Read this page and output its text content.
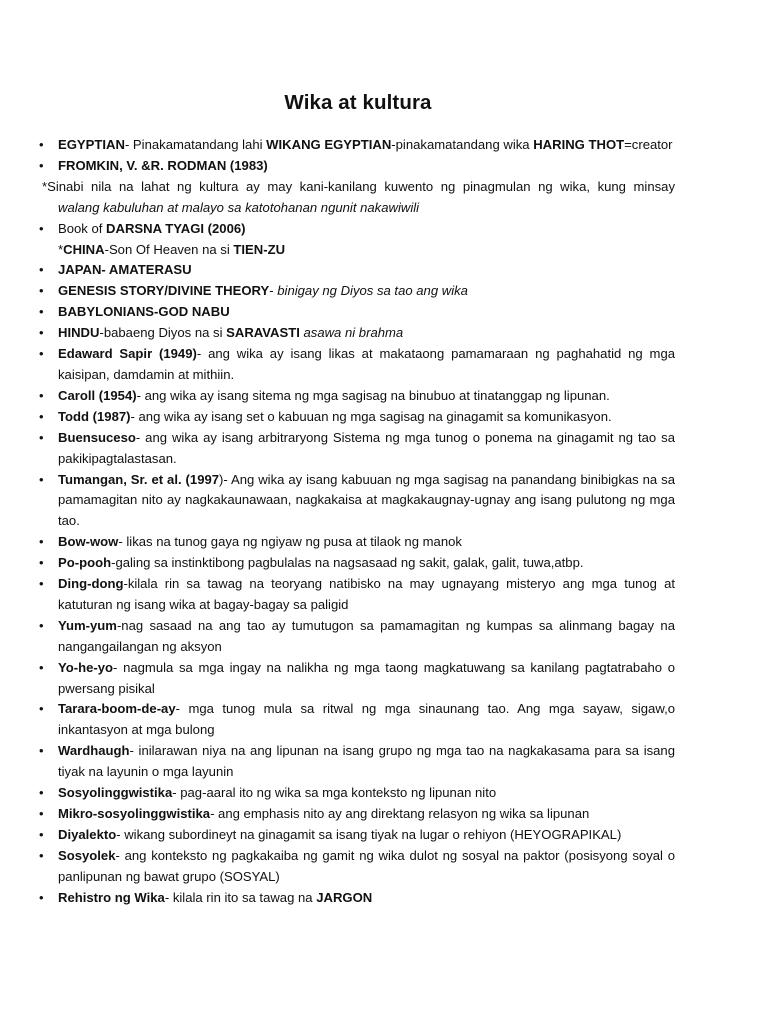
Wika at kultura
• EGYPTIAN- Pinakamatandang lahi WIKANG EGYPTIAN-pinakamatandang wika HARING THOT=creator
• FROMKIN, V. &R. RODMAN (1983)
*Sinabi nila na lahat ng kultura ay may kani-kanilang kuwento ng pinagmulan ng wika, kung minsay
walang kabuluhan at malayo sa katotohanan ngunit nakawiwili
• Book of DARSNA TYAGI (2006)
*CHINA-Son Of Heaven na si TIEN-ZU
• JAPAN- AMATERASU
• GENESIS STORY/DIVINE THEORY- binigay ng Diyos sa tao ang wika
• BABYLONIANS-GOD NABU
• HINDU-babaeng Diyos na si SARAVASTI asawa ni brahma
• Edaward Sapir (1949)- ang wika ay isang likas at makataong pamamaraan ng paghahatid ng mga kaisipan, damdamin at mithiin.
• Caroll (1954)- ang wika ay isang sitema ng mga sagisag na binubuo at tinatanggap ng lipunan.
• Todd (1987)- ang wika ay isang set o kabuuan ng mga sagisag na ginagamit sa komunikasyon.
• Buensuceso- ang wika ay isang arbitraryong Sistema ng mga tunog o ponema na ginagamit ng tao sa pakikipagtalastasan.
• Tumangan, Sr. et al. (1997)- Ang wika ay isang kabuuan ng mga sagisag na panandang binibigkas na sa pamamagitan nito ay nagkakaunawaan, nagkakaisa at magkakaugnay-ugnay ang isang pulutong ng mga tao.
• Bow-wow- likas na tunog gaya ng ngiyaw ng pusa at tilaok ng manok
• Po-pooh-galing sa instinktibong pagbulalas na nagsasaad ng sakit, galak, galit, tuwa,atbp.
• Ding-dong-kilala rin sa tawag na teoryang natibisko na may ugnayang misteryo ang mga tunog at katuturan ng isang wika at bagay-bagay sa paligid
• Yum-yum-nag sasaad na ang tao ay tumutugon sa pamamagitan ng kumpas sa alinmang bagay na nangangailangan ng aksyon
• Yo-he-yo- nagmula sa mga ingay na nalikha ng mga taong magkatuwang sa kanilang pagtatrabaho o pwersang pisikal
• Tarara-boom-de-ay- mga tunog mula sa ritwal ng mga sinaunang tao. Ang mga sayaw, sigaw,o inkantasyon at mga bulong
• Wardhaugh- inilarawan niya na ang lipunan na isang grupo ng mga tao na nagkakasama para sa isang tiyak na layunin o mga layunin
• Sosyolinggwistika- pag-aaral ito ng wika sa mga konteksto ng lipunan nito
• Mikro-sosyolinggwistika- ang emphasis nito ay ang direktang relasyon ng wika sa lipunan
• Diyalekto- wikang subordineyt na ginagamit sa isang tiyak na lugar o rehiyon (HEYOGRAPIKAL)
• Sosyolek- ang konteksto ng pagkakaiba ng gamit ng wika dulot ng sosyal na paktor (posisyong soyal o panlipunan ng bawat grupo (SOSYAL)
• Rehistro ng Wika- kilala rin ito sa tawag na JARGON
